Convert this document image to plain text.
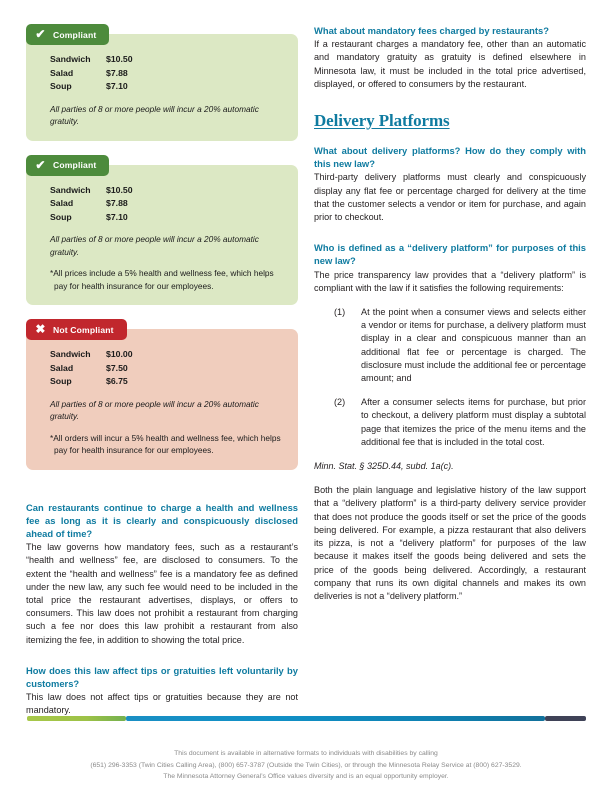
✔ Compliant
Sandwich	$10.50
Salad	$7.88
Soup	$7.10
All parties of 8 or more people will incur a 20% automatic gratuity.
✔ Compliant
Sandwich	$10.50
Salad	$7.88
Soup	$7.10
All parties of 8 or more people will incur a 20% automatic gratuity.
*All prices include a 5% health and wellness fee, which helps pay for health insurance for our employees.
✖ Not Compliant
Sandwich	$10.00
Salad	$7.50
Soup	$6.75
All parties of 8 or more people will incur a 20% automatic gratuity.
*All orders will incur a 5% health and wellness fee, which helps pay for health insurance for our employees.
Can restaurants continue to charge a health and wellness fee as long as it is clearly and conspicuously disclosed ahead of time?
The law governs how mandatory fees, such as a restaurant’s “health and wellness” fee, are disclosed to consumers. To the extent the “health and wellness” fee is a mandatory fee as defined under the new law, any such fee would need to be included in the total price the restaurant advertises, displays, or offers to consumers. This law does not prohibit a restaurant from charging such a fee nor does this law prohibit a restaurant from also itemizing the fee, in addition to showing the total price.
How does this law affect tips or gratuities left voluntarily by customers?
This law does not affect tips or gratuities because they are not mandatory.
What about mandatory fees charged by restaurants?
If a restaurant charges a mandatory fee, other than an automatic and mandatory gratuity as gratuity is defined elsewhere in Minnesota law, it must be included in the total price advertised, displayed, or offered to consumers by the restaurant.
Delivery Platforms
What about delivery platforms? How do they comply with this new law?
Third-party delivery platforms must clearly and conspicuously display any flat fee or percentage charged for delivery at the time that the customer selects a vendor or item for purchase, and again prior to checkout.
Who is defined as a “delivery platform” for purposes of this new law?
The price transparency law provides that a “delivery platform” is compliant with the law if it satisfies the following requirements:
(1) At the point when a consumer views and selects either a vendor or items for purchase, a delivery platform must display in a clear and conspicuous manner than an additional flat fee or percentage is charged. The disclosure must include the additional fee or percentage amount; and
(2) After a consumer selects items for purchase, but prior to checkout, a delivery platform must display a subtotal page that itemizes the price of the menu items and the additional fee that is included in the total cost.
Minn. Stat. § 325D.44, subd. 1a(c).
Both the plain language and legislative history of the law support that a “delivery platform” is a third-party delivery service provider that does not produce the goods itself or set the price of the goods being delivered. For example, a pizza restaurant that also delivers its pizza, is not a “delivery platform” for purposes of the law because it makes itself the goods being delivered and sets the price of the goods being delivered. Accordingly, a restaurant company that runs its own digital channels and makes its own deliveries is not a “delivery platform.”
This document is available in alternative formats to individuals with disabilities by calling
(651) 296-3353 (Twin Cities Calling Area), (800) 657-3787 (Outside the Twin Cities), or through the Minnesota Relay Service at (800) 627-3529.
The Minnesota Attorney General’s Office values diversity and is an equal opportunity employer.
